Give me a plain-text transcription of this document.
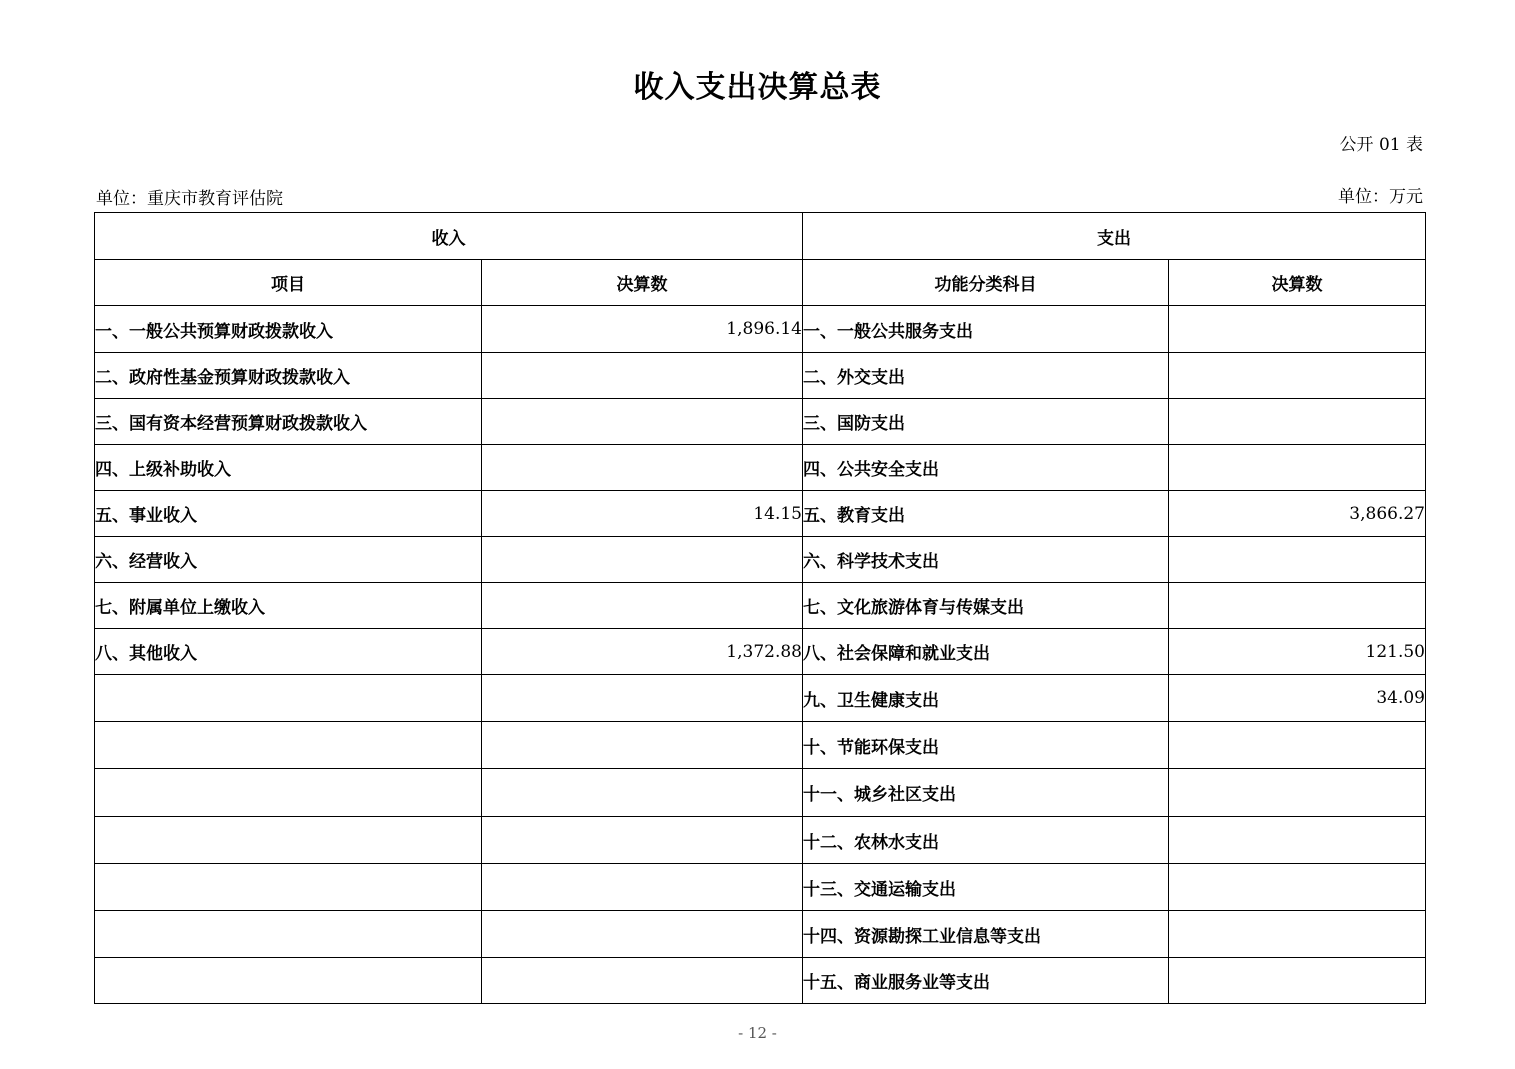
收入支出决算总表
公开 01 表
单位：重庆市教育评估院	单位：万元
收入		支出	
项目	决算数	功能分类科目	决算数
一、一般公共预算财政拨款收入	1,896.14	一、一般公共服务支出	
二、政府性基金预算财政拨款收入		二、外交支出	
三、国有资本经营预算财政拨款收入		三、国防支出	
四、上级补助收入		四、公共安全支出	
五、事业收入	14.15	五、教育支出	3,866.27
六、经营收入		六、科学技术支出	
七、附属单位上缴收入		七、文化旅游体育与传媒支出	
八、其他收入	1,372.88	八、社会保障和就业支出	121.50
		九、卫生健康支出	34.09
		十、节能环保支出	
		十一、城乡社区支出	
		十二、农林水支出	
		十三、交通运输支出	
		十四、资源勘探工业信息等支出	
		十五、商业服务业等支出	
- 12 -
